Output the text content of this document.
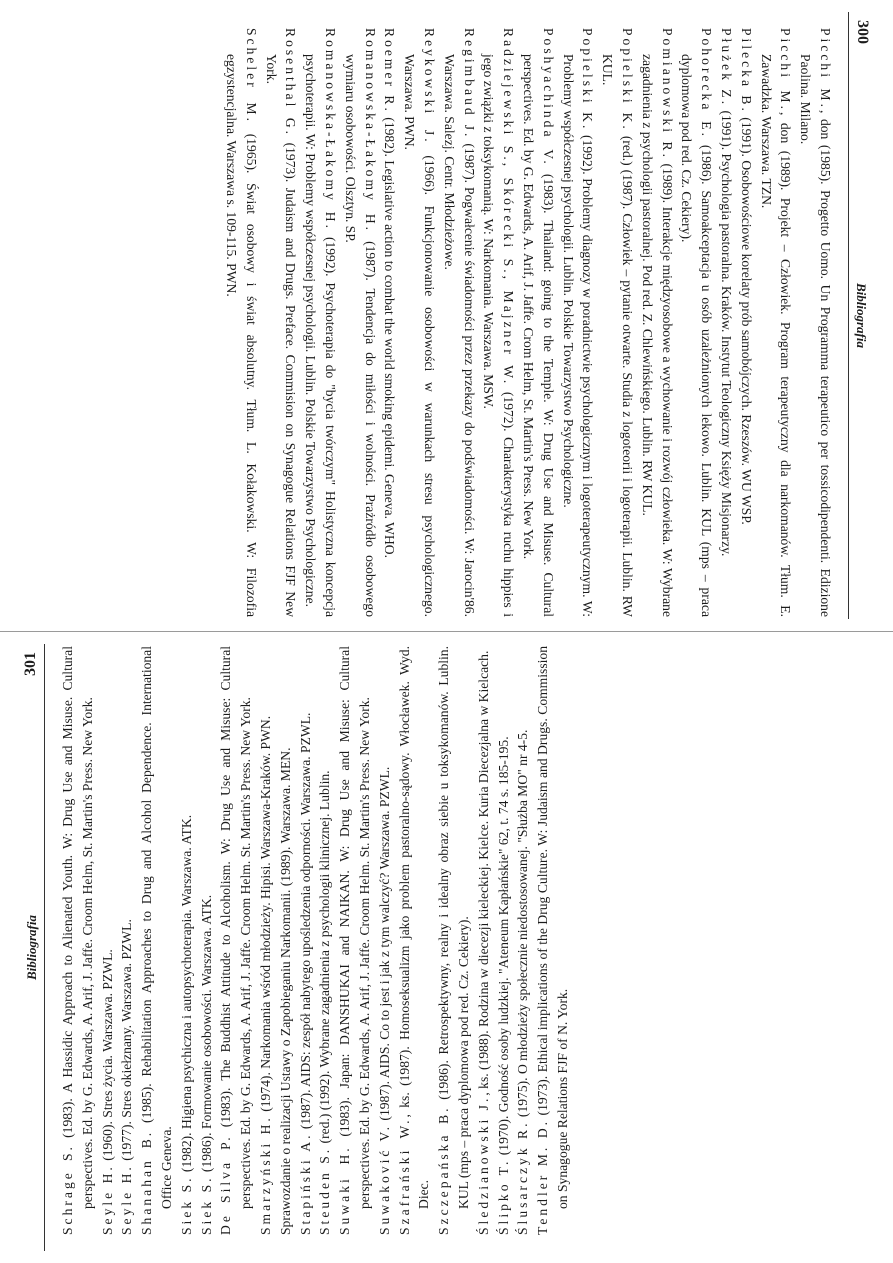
300
Bibliografia

Picchi M., don (1985). Progetto Uomo. Un Programma terapeutico per tossicodipendenti. Edizione Paolina. Milano.

Picchi M., don (1989). Projekt – Człowiek. Program terapeutyczny dla narkomanów. Tłum. E. Zawadzka. Warszawa. TZN.

Pilecka B. (1991). Osobowościowe korelaty prób samobójczych. Rzeszów. WU WSP.

Płużek Z. (1991). Psychologia pastoralna. Kraków. Instytut Teologiczny Księży Misjonarzy.

Pohorecka E. (1986). Samoakceptacja u osób uzależnionych lekowo. Lublin. KUL (mps – praca dyplomowa pod red. Cz. Cekiery).

Pomianowski R. (1989). Interakcje międzyosobowe a wychowanie i rozwój człowieka. W: Wybrane zagadnienia z psychologii pastoralnej. Pod red. Z. Chlewińskiego. Lublin. RW KUL.

Popielski K. (red.) (1987). Człowiek – pytanie otwarte. Studia z logoteorii i logoterapii. Lublin. RW KUL.

Popielski K. (1992). Problemy diagnozy w poradnictwie psychologicznym i logoterapeutycznym. W: Problemy współczesnej psychologii. Lublin. Polskie Towarzystwo Psychologiczne.

Poshyachinda V. (1983). Thailand: going to the Temple. W: Drug Use and Misuse. Cultural perspectives. Ed. by G. Edwards, A. Arif, J. Jaffe. Crom Helm, St. Martin's Press. New York.

Radziejewski S., Skórecki S., Majzner W. (1972). Charakterystyka ruchu hippies i jego związki z toksykomanią. W: Narkomania. Warszawa. MSW.

Regimbaud J. (1987). Pogwałcenie świadomości przez przekazy do podświadomości. W: Jarocin'86. Warszawa. Salezj. Centr. Młodzieżowe.

Reykowski J. (1966). Funkcjonowanie osobowości w warunkach stresu psychologicznego. Warszawa. PWN.

Roemer R. (1982). Legislative action to combat the world smoking epidemi. Geneva. WHO.

Romanowska-Łakomy H. (1987). Tendencja do miłości i wolności. Prażródło osobowego wymiaru osobowości. Olsztyn. SP.

Romanowska-Łakomy H. (1992). Psychoterapia do "bycia twórczym" Holistyczna koncepcja psychoterapii. W: Problemy współczesnej psychologii. Lublin. Polskie Towarzystwo Psychologiczne.

Rosenthal G. (1973). Judaism and Drugs. Preface. Commision on Synagogue Relations FJF New York.

Scheler M. (1965). Świat osobowy i świat absolutny. Tłum. L. Kołakowski. W: Filozofia egzystencjalna. Warszawa s. 109-115. PWN.

Bibliografia
301

Schrage S. (1983). A Hassidic Approach to Alienated Youth. W: Drug Use and Misuse. Cultural perspectives. Ed. by G. Edwards, A. Arif, J. Jaffe. Croom Helm, St. Martin's Press. New York. Seyle H. (1960). Stres życia. Warszawa. PZWL.

Seyle H. (1977). Stres okiełznany. Warszawa. PZWL.

Shanahan B. (1985). Rehabilitation Approaches to Drug and Alcohol Dependence. International Office Geneva. Siek S. (1982). Higiena psychiczna i autopsychoterapia. Warszawa. ATK.

Siek S. (1986). Formowanie osobowości. Warszawa. ATK.

De Silva P. (1983). The Buddhist Attitude to Alcoholism. W: Drug Use and Misuse: Cultural perspectives. Ed. by G. Edwards, A. Arif, J. Jaffe. Croom Helm. St. Martin's Press. New York. Smarzyński H. (1974). Narkomania wśród młodzieży. Hipisi. Warszawa-Kraków. PWN. Sprawozdanie o realizacji Ustawy o Zapobieganiu Narkomanii. (1989). Warszawa. MEN. Stapiński A. (1987). AIDS: zespół nabytego upośledzenia odporności. Warszawa. PZWL.

Steuden S. (red.) (1992). Wybrane zagadnienia z psychologii klinicznej. Lublin.

Suwaki H. (1983). Japan: DANSHUKAI and NAIKAN. W: Drug Use and Misuse: Cultural perspectives. Ed. by G. Edwards, A. Arif, J. Jaffe. Croom Helm. St. Martin's Press. New York. Suwaković V. (1987). AIDS. Co to jest i jak z tym walczyć? Warszawa. PZWL.

Szafrański W., ks. (1987). Homoseksualizm jako problem pastoralno-sądowy. Włocławek. Wyd. Diec. Szczepańska B. (1986). Retrospektywny, realny i idealny obraz siebie u toksykomanów. Lublin. KUL (mps – praca dyplomowa pod red. Cz. Cekiery). Śledzianowski J., ks. (1988). Rodzina w diecezji kieleckiej. Kielce. Kuria Diecezjalna w Kielcach.

Ślipko T. (1970). Godność osoby ludzkiej. "Ateneum Kapłańskie" 62, t. 74 s. 185-195.

Ślusarczyk R. (1975). O młodzieży społecznie niedostosowanej. "Służba MO" nr 4-5.

Tendler M. D. (1973). Ethical implications of the Drug Culture. W: Judaism and Drugs. Commission on Synagogue Relations FJF of N. York.
